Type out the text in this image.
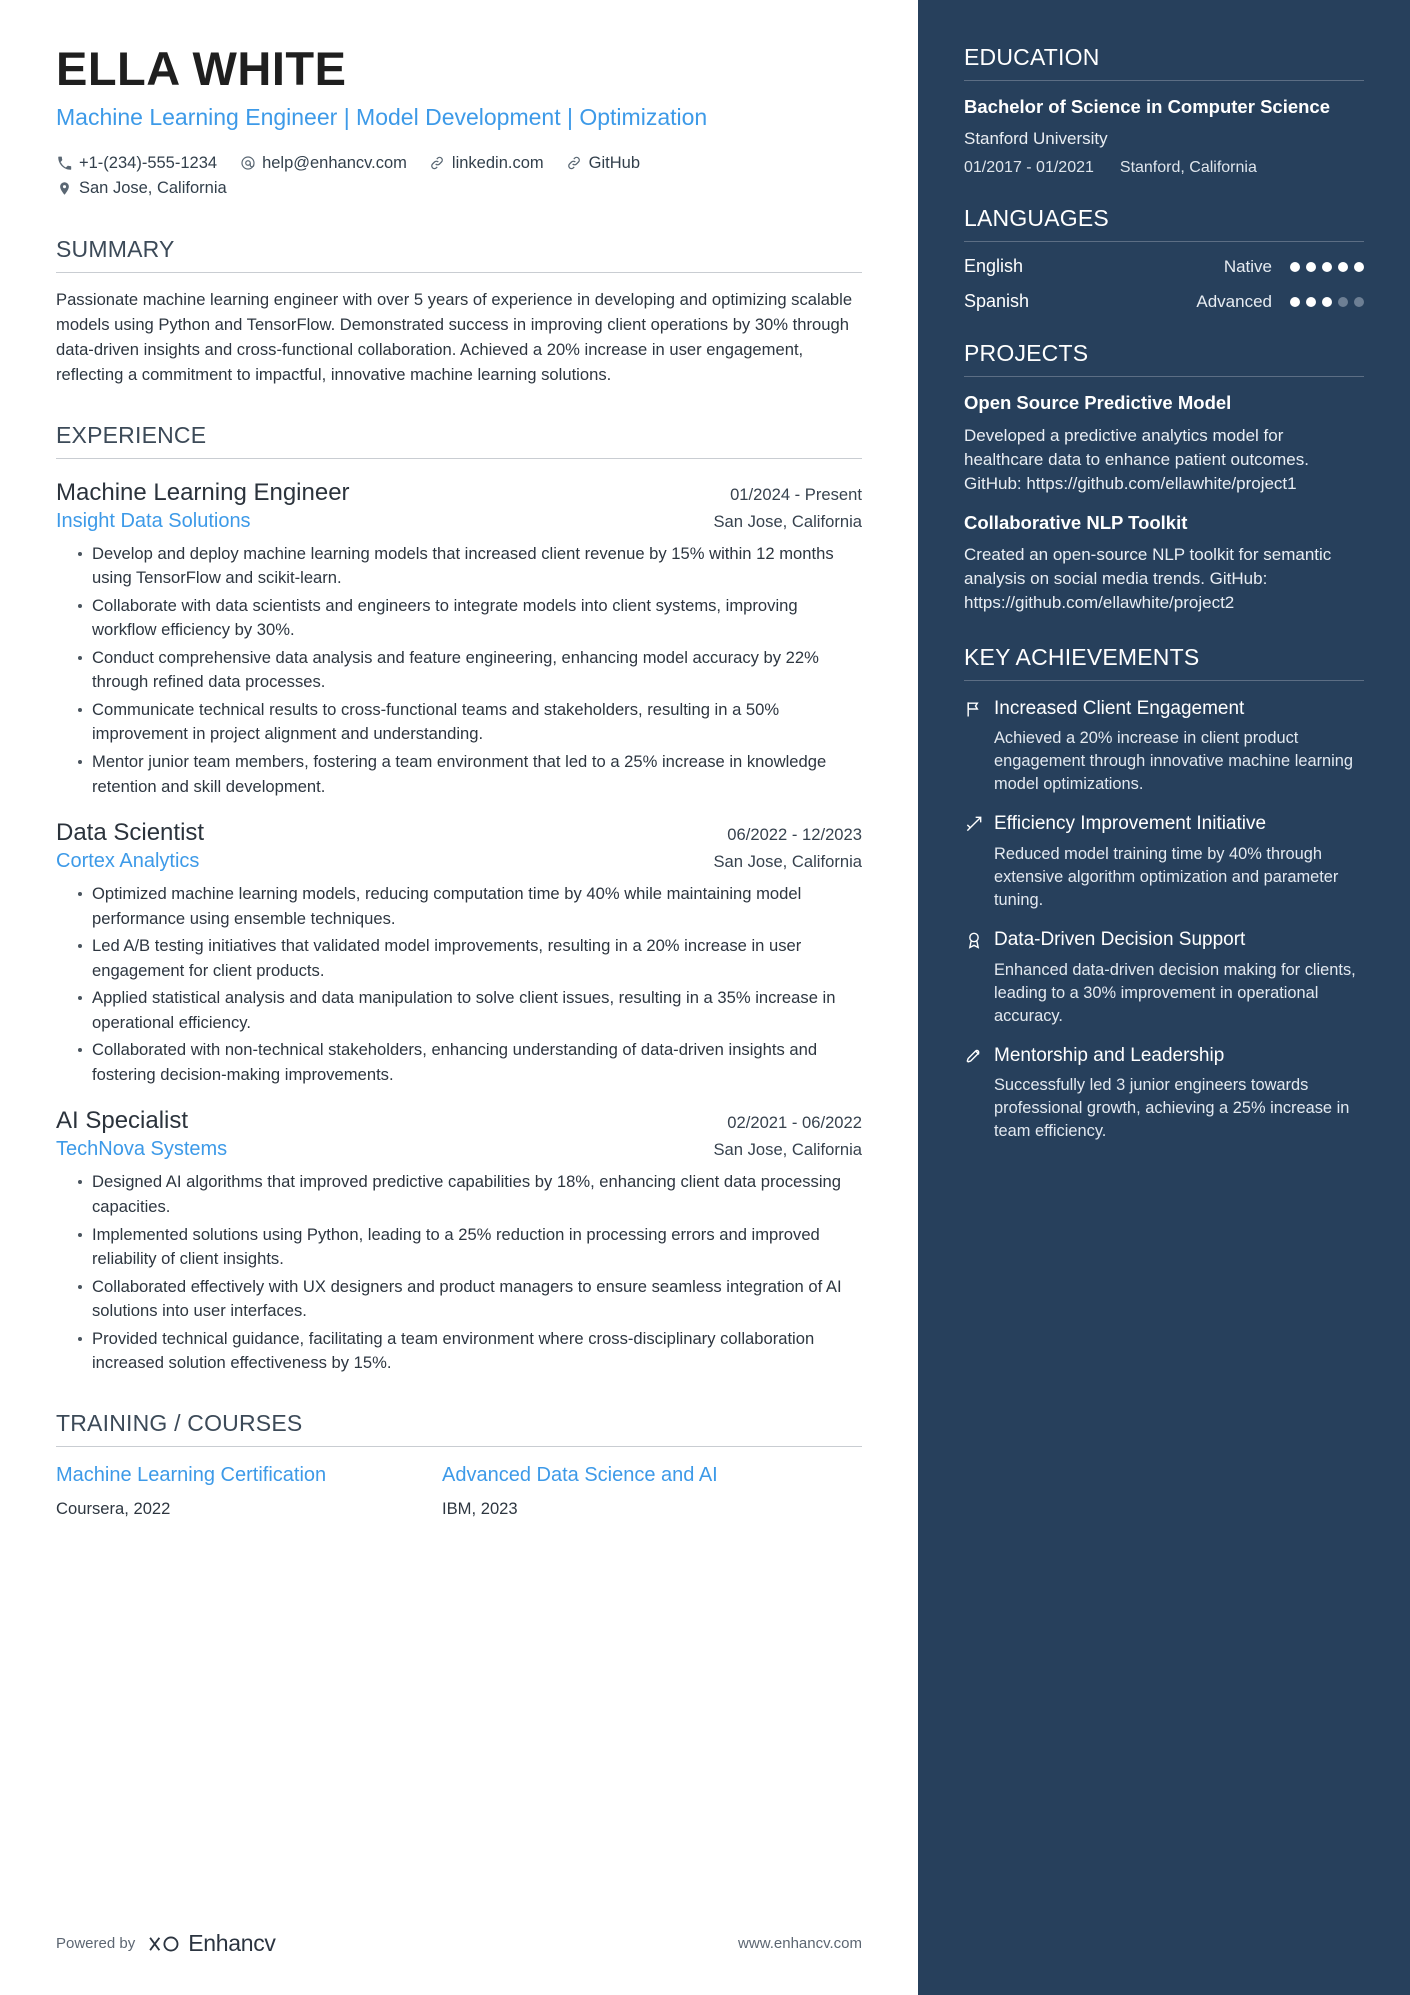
ELLA WHITE
Machine Learning Engineer | Model Development | Optimization
+1-(234)-555-1234	help@enhancv.com	linkedin.com	GitHub
San Jose, California
SUMMARY
Passionate machine learning engineer with over 5 years of experience in developing and optimizing scalable models using Python and TensorFlow. Demonstrated success in improving client operations by 30% through data-driven insights and cross-functional collaboration. Achieved a 20% increase in user engagement, reflecting a commitment to impactful, innovative machine learning solutions.
EXPERIENCE
Machine Learning Engineer	01/2024 - Present
Insight Data Solutions	San Jose, California
Develop and deploy machine learning models that increased client revenue by 15% within 12 months using TensorFlow and scikit-learn.
Collaborate with data scientists and engineers to integrate models into client systems, improving workflow efficiency by 30%.
Conduct comprehensive data analysis and feature engineering, enhancing model accuracy by 22% through refined data processes.
Communicate technical results to cross-functional teams and stakeholders, resulting in a 50% improvement in project alignment and understanding.
Mentor junior team members, fostering a team environment that led to a 25% increase in knowledge retention and skill development.
Data Scientist	06/2022 - 12/2023
Cortex Analytics	San Jose, California
Optimized machine learning models, reducing computation time by 40% while maintaining model performance using ensemble techniques.
Led A/B testing initiatives that validated model improvements, resulting in a 20% increase in user engagement for client products.
Applied statistical analysis and data manipulation to solve client issues, resulting in a 35% increase in operational efficiency.
Collaborated with non-technical stakeholders, enhancing understanding of data-driven insights and fostering decision-making improvements.
AI Specialist	02/2021 - 06/2022
TechNova Systems	San Jose, California
Designed AI algorithms that improved predictive capabilities by 18%, enhancing client data processing capacities.
Implemented solutions using Python, leading to a 25% reduction in processing errors and improved reliability of client insights.
Collaborated effectively with UX designers and product managers to ensure seamless integration of AI solutions into user interfaces.
Provided technical guidance, facilitating a team environment where cross-disciplinary collaboration increased solution effectiveness by 15%.
TRAINING / COURSES
Machine Learning Certification
Coursera, 2022
Advanced Data Science and AI
IBM, 2023
Powered by Enhancv	www.enhancv.com
EDUCATION
Bachelor of Science in Computer Science
Stanford University
01/2017 - 01/2021 Stanford, California
LANGUAGES
English	Native
Spanish	Advanced
PROJECTS
Open Source Predictive Model
Developed a predictive analytics model for healthcare data to enhance patient outcomes. GitHub: https://github.com/ellawhite/project1
Collaborative NLP Toolkit
Created an open-source NLP toolkit for semantic analysis on social media trends. GitHub: https://github.com/ellawhite/project2
KEY ACHIEVEMENTS
Increased Client Engagement
Achieved a 20% increase in client product engagement through innovative machine learning model optimizations.
Efficiency Improvement Initiative
Reduced model training time by 40% through extensive algorithm optimization and parameter tuning.
Data-Driven Decision Support
Enhanced data-driven decision making for clients, leading to a 30% improvement in operational accuracy.
Mentorship and Leadership
Successfully led 3 junior engineers towards professional growth, achieving a 25% increase in team efficiency.
